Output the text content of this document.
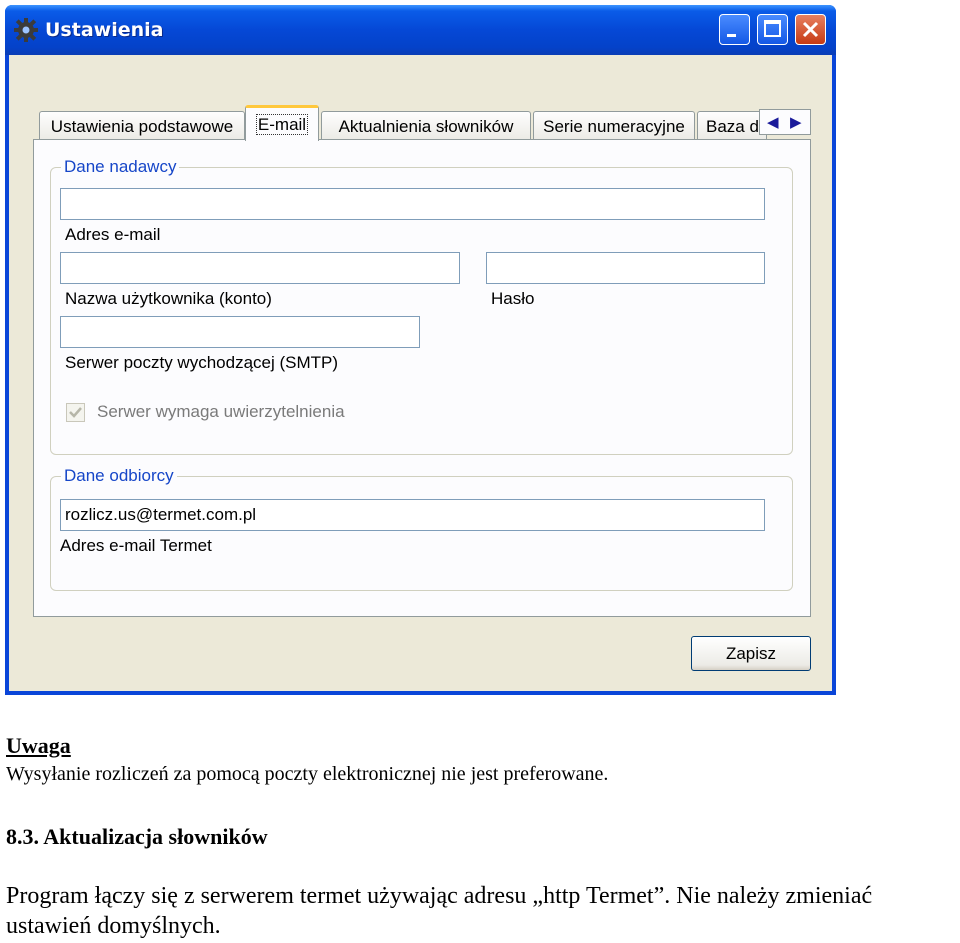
Ustawienia
Ustawienia podstawowe	E-mail	Aktualnienia słowników	Serie numeracyjne	Baza d ◀ ▶
Dane nadawcy
Adres e-mail
Nazwa użytkownika (konto)	Hasło
Serwer poczty wychodzącej (SMTP)
Serwer wymaga uwierzytelnienia
Dane odbiorcy
rozlicz.us@termet.com.pl
Adres e-mail Termet
Zapisz
Uwaga
Wysyłanie rozliczeń za pomocą poczty elektronicznej nie jest preferowane.
8.3. Aktualizacja słowników
Program łączy się z serwerem termet używając adresu „http Termet”. Nie należy zmieniać
ustawień domyślnych.
